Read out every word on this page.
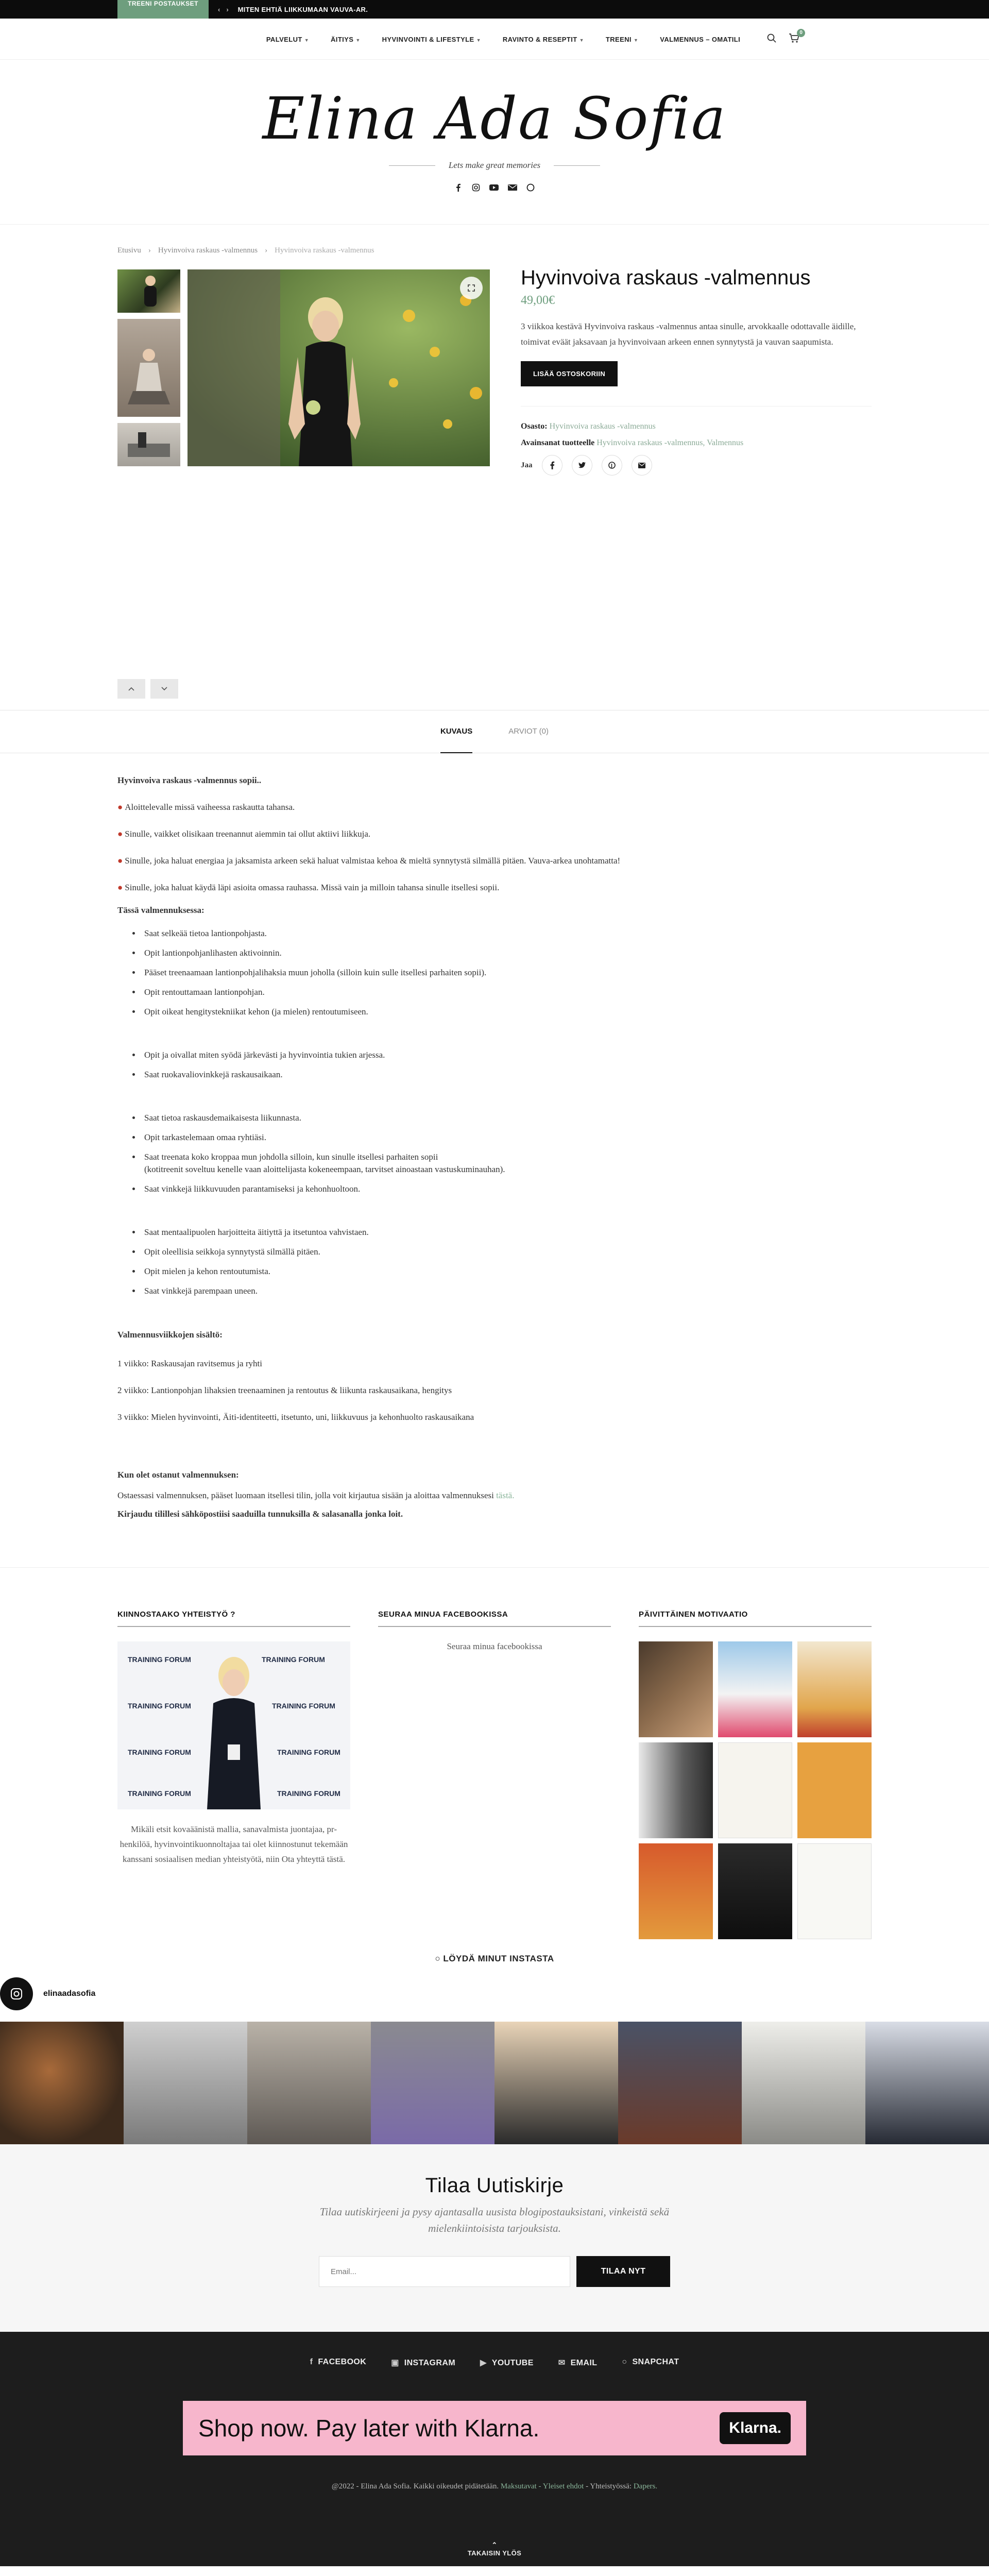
TREENI POSTAUKSET
‹ › MITEN EHTIÄ LIIKKUMAAN VAUVA-AR.
PALVELUT ▼	ÄITIYS ▼	HYVINVOINTI & LIFESTYLE ▼	RAVINTO & RESEPTIT ▼	TREENI ▼	VALMENNUS – OMATILI
0
Elina Ada Sofia
Lets make great memories
Etusivu › Hyvinvoiva raskaus -valmennus › Hyvinvoiva raskaus -valmennus
Hyvinvoiva raskaus -valmennus
49,00€

3 viikkoa kestävä Hyvinvoiva raskaus -valmennus antaa sinulle, arvokkaalle odottavalle äidille, toimivat eväät jaksavaan ja hyvinvoivaan arkeen ennen synnytystä ja vauvan saapumista.

LISÄÄ OSTOSKORIIN
Osasto: Hyvinvoiva raskaus -valmennus
Avainsanat tuotteelle Hyvinvoiva raskaus -valmennus, Valmennus
Jaa
KUVAUS	ARVIOT (0)

Hyvinvoiva raskaus -valmennus sopii..

● Aloittelevalle missä vaiheessa raskautta tahansa.

● Sinulle, vaikket olisikaan treenannut aiemmin tai ollut aktiivi liikkuja.

● Sinulle, joka haluat energiaa ja jaksamista arkeen sekä haluat valmistaa kehoa & mieltä synnytystä silmällä pitäen. Vauva-arkea unohtamatta!

● Sinulle, joka haluat käydä läpi asioita omassa rauhassa. Missä vain ja milloin tahansa sinulle itsellesi sopii.

Tässä valmennuksessa:

• Saat selkeää tietoa lantionpohjasta.
• Opit lantionpohjanlihasten aktivoinnin.
• Pääset treenaamaan lantionpohjalihaksia muun joholla (silloin kuin sulle itsellesi parhaiten sopii).
• Opit rentouttamaan lantionpohjan.
• Opit oikeat hengitystekniikat kehon (ja mielen) rentoutumiseen.
• Opit ja oivallat miten syödä järkevästi ja hyvinvointia tukien arjessa.
• Saat ruokavaliovinkkejä raskausaikaan.
• Saat tietoa raskausdemaikaisesta liikunnasta.
• Opit tarkastelemaan omaa ryhtiäsi.
• Saat treenata koko kroppaa mun johdolla silloin, kun sinulle itsellesi parhaiten sopii
(kotitreenit soveltuu kenelle vaan aloittelijasta kokeneempaan, tarvitset ainoastaan vastuskuminauhan).
• Saat vinkkejä liikkuvuuden parantamiseksi ja kehonhuoltoon.
• Saat mentaalipuolen harjoitteita äitiyttä ja itsetuntoa vahvistaen.
• Opit oleellisia seikkoja synnytystä silmällä pitäen.
• Opit mielen ja kehon rentoutumista.
• Saat vinkkejä parempaan uneen.

Valmennusviikkojen sisältö:

1 viikko: Raskausajan ravitsemus ja ryhti

2 viikko: Lantionpohjan lihaksien treenaaminen ja rentoutus & liikunta raskausaikana, hengitys

3 viikko: Mielen hyvinvointi, Äiti-identiteetti, itsetunto, uni, liikkuvuus ja kehonhuolto raskausaikana

Kun olet ostanut valmennuksen:

Ostaessasi valmennuksen, pääset luomaan itsellesi tilin, jolla voit kirjautua sisään ja aloittaa valmennuksesi tästä.

Kirjaudu tilillesi sähköpostiisi saaduilla tunnuksilla & salasanalla jonka loit.

KIINNOSTAAKO YHTEISTYÖ ?
TRAINING FORUM	TRAINING FORUM
TRAINING FORUM	TRAINING FORUM
TRAINING FORUM	TRAINING FORUM
TRAINING FORUM	TRAINING FORUM

Mikäli etsit kovaäänistä mallia, sanavalmista juontajaa, pr-henkilöä, hyvinvointikuonnoltajaa tai olet kiinnostunut tekemään kanssani sosiaalisen median yhteistyötä, niin Ota yhteyttä tästä.

SEURAA MINUA FACEBOOKISSA

Seuraa minua facebookissa

PÄIVITTÄINEN MOTIVAATIO
○ LÖYDÄ MINUT INSTASTA
elinaadasofia
Tilaa Uutiskirje

Tilaa uutiskirjeeni ja pysy ajantasalla uusista blogipostauksistani, vinkeistä sekä mielenkiintoisista tarjouksista.

Email...
TILAA NYT
f FACEBOOK	▣ INSTAGRAM	▶ YOUTUBE	✉ EMAIL	○ SNAPCHAT
Shop now. Pay later with Klarna.	Klarna.

@2022 - Elina Ada Sofia. Kaikki oikeudet pidätetään. Maksutavat - Yleiset ehdot - Yhteistyössä: Dapers.

⌃
TAKAISIN YLÖS
